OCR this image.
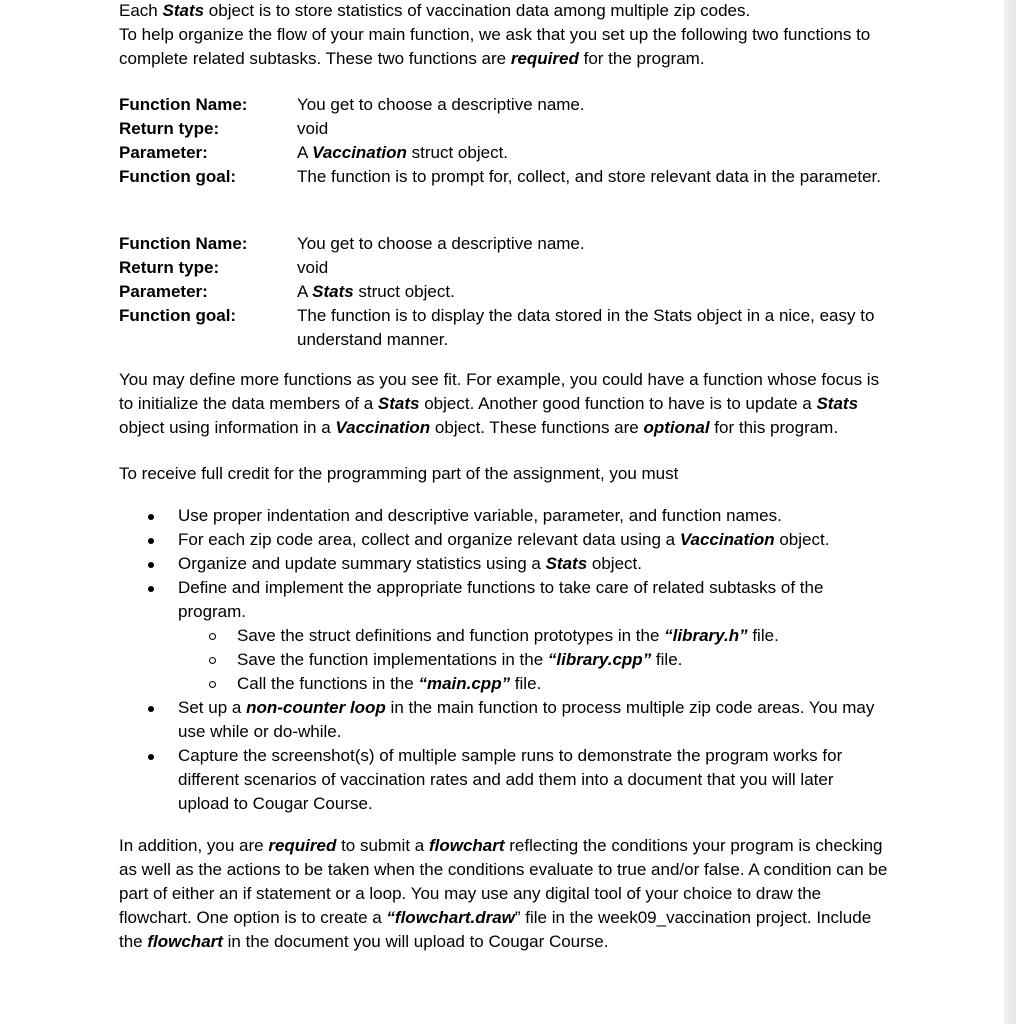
Each Stats object is to store statistics of vaccination data among multiple zip codes.

To help organize the flow of your main function, we ask that you set up the following two functions to complete related subtasks. These two functions are required for the program.

Function Name:	You get to choose a descriptive name.
Return type:	void
Parameter:	A Vaccination struct object.
Function goal:	The function is to prompt for, collect, and store relevant data in the parameter.
Function Name:	You get to choose a descriptive name.
Return type:	void
Parameter:	A Stats struct object.
Function goal:	The function is to display the data stored in the Stats object in a nice, easy to understand manner.

You may define more functions as you see fit. For example, you could have a function whose focus is to initialize the data members of a Stats object. Another good function to have is to update a Stats object using information in a Vaccination object. These functions are optional for this program.

To receive full credit for the programming part of the assignment, you must

Use proper indentation and descriptive variable, parameter, and function names.
For each zip code area, collect and organize relevant data using a Vaccination object.
Organize and update summary statistics using a Stats object.
Define and implement the appropriate functions to take care of related subtasks of the program.
Save the struct definitions and function prototypes in the “library.h” file.
Save the function implementations in the “library.cpp” file.
Call the functions in the “main.cpp” file.
Set up a non-counter loop in the main function to process multiple zip code areas. You may use while or do-while.
Capture the screenshot(s) of multiple sample runs to demonstrate the program works for different scenarios of vaccination rates and add them into a document that you will later upload to Cougar Course.

In addition, you are required to submit a flowchart reflecting the conditions your program is checking as well as the actions to be taken when the conditions evaluate to true and/or false. A condition can be part of either an if statement or a loop. You may use any digital tool of your choice to draw the flowchart. One option is to create a “flowchart.draw” file in the week09_vaccination project. Include the flowchart in the document you will upload to Cougar Course.
